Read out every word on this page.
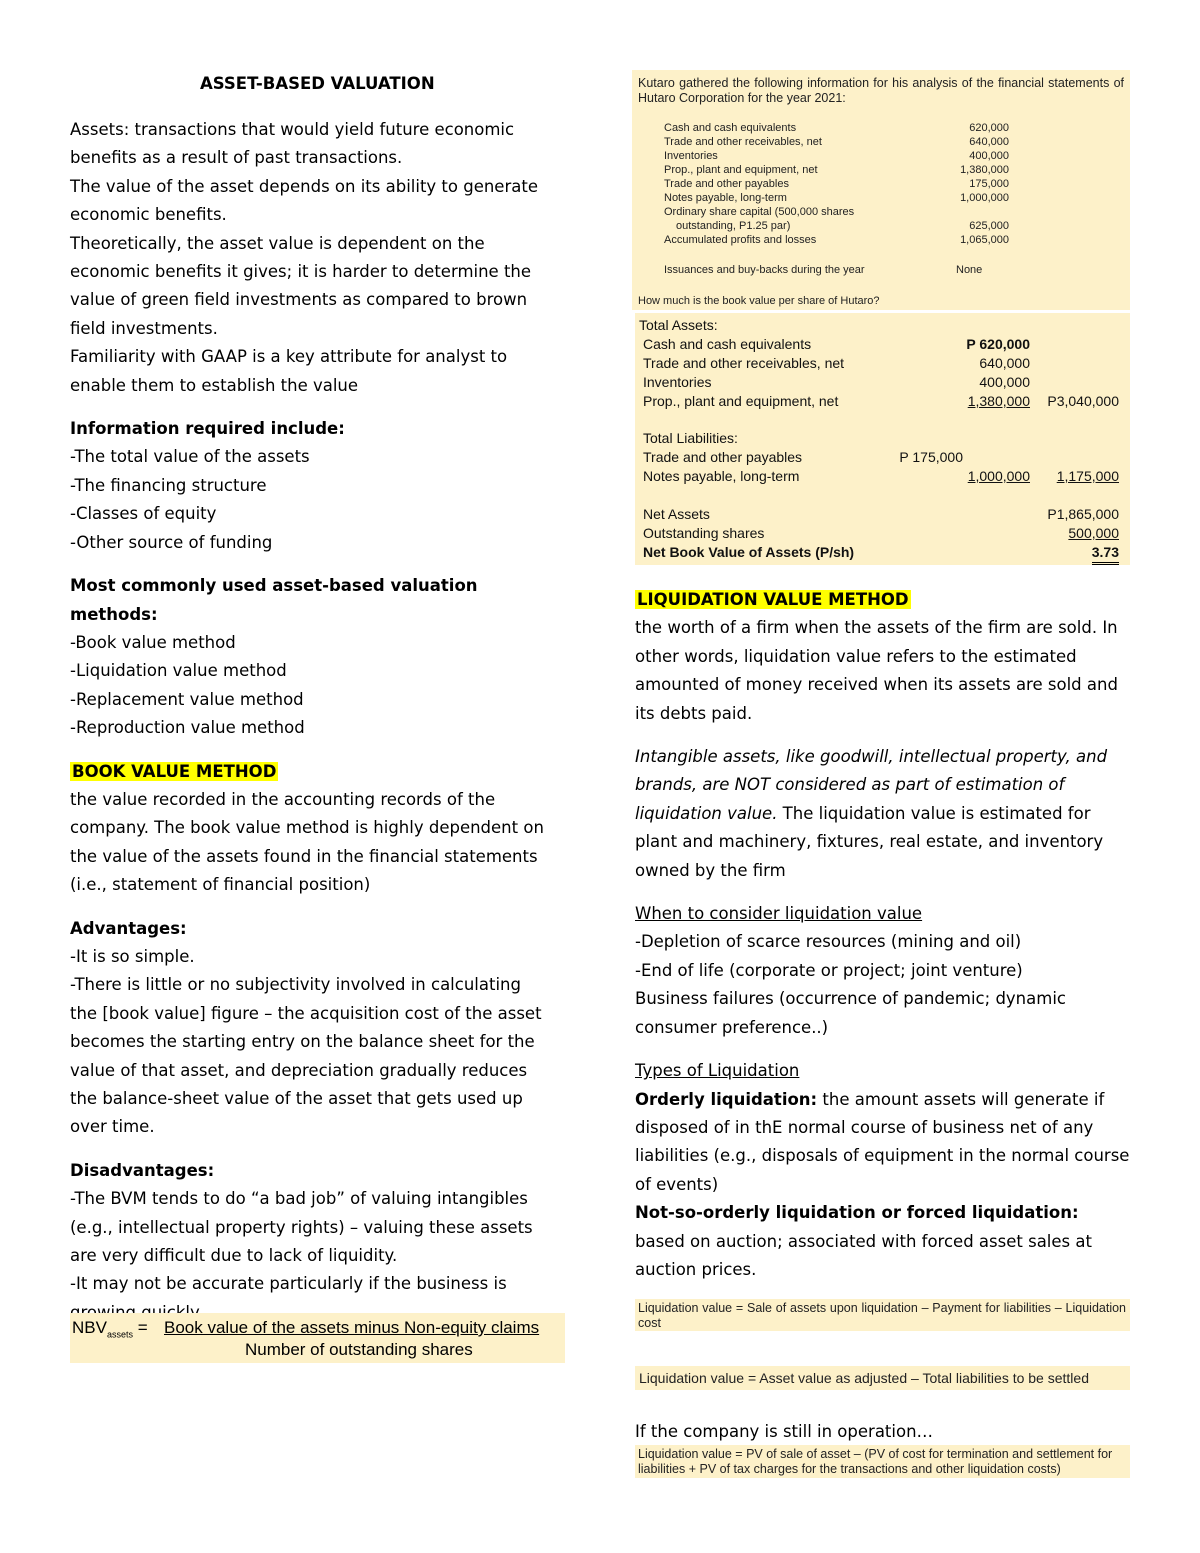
ASSET-BASED VALUATION

Assets: transactions that would yield future economic benefits as a result of past transactions.

The value of the asset depends on its ability to generate economic benefits.

Theoretically, the asset value is dependent on the economic benefits it gives; it is harder to determine the value of green field investments as compared to brown field investments.

Familiarity with GAAP is a key attribute for analyst to enable them to establish the value

Information required include:

-The total value of the assets

-The financing structure

-Classes of equity

-Other source of funding

Most commonly used asset-based valuation methods:

-Book value method

-Liquidation value method

-Replacement value method

-Reproduction value method

BOOK VALUE METHOD

the value recorded in the accounting records of the company. The book value method is highly dependent on the value of the assets found in the financial statements (i.e., statement of financial position)

Advantages:

-It is so simple.

-There is little or no subjectivity involved in calculating the [book value] figure – the acquisition cost of the asset becomes the starting entry on the balance sheet for the value of that asset, and depreciation gradually reduces the balance-sheet value of the asset that gets used up over time.

Disadvantages:

-The BVM tends to do “a bad job” of valuing intangibles (e.g., intellectual property rights) – valuing these assets are very difficult due to lack of liquidity.

-It may not be accurate particularly if the business is

$NBV_{assets}$ = Book value of the assets minus Non-equity claims
Number of outstanding shares
Kutaro gathered the following information for his analysis of the financial statements of Hutaro Corporation for the year 2021:
Cash and cash equivalents	620,000
Trade and other receivables, net	640,000
Inventories	400,000
Prop., plant and equipment, net	1,380,000
Trade and other payables	175,000
Notes payable, long-term	1,000,000
Ordinary share capital (500,000 shares	
outstanding, P1.25 par)	625,000
Accumulated profits and losses	1,065,000
Issuances and buy-backs during the year	None
How much is the book value per share of Hutaro?
Total Assets:
Cash and cash equivalents	P 620,000
Trade and other receivables, net	640,000
Inventories	400,000
Prop., plant and equipment, net	1,380,000 P3,040,000
Total Liabilities:
Trade and other payables	P 175,000
Notes payable, long-term	1,000,000 1,175,000
Net Assets	P1,865,000
Outstanding shares	500,000
Net Book Value of Assets (P/sh)	3.73

LIQUIDATION VALUE METHOD

the worth of a firm when the assets of the firm are sold. In other words, liquidation value refers to the estimated amounted of money received when its assets are sold and its debts paid.

Intangible assets, like goodwill, intellectual property, and brands, are NOT considered as part of estimation of liquidation value. The liquidation value is estimated for plant and machinery, fixtures, real estate, and inventory owned by the firm

When to consider liquidation value

-Depletion of scarce resources (mining and oil)

-End of life (corporate or project; joint venture)

Business failures (occurrence of pandemic; dynamic consumer preference..)

Types of Liquidation

Orderly liquidation: the amount assets will generate if disposed of in thE normal course of business net of any liabilities (e.g., disposals of equipment in the normal course of events)

Not-so-orderly liquidation or forced liquidation: based on auction; associated with forced asset sales at auction prices.

Liquidation value = Sale of assets upon liquidation – Payment for liabilities – Liquidation cost
Liquidation value = Asset value as adjusted – Total liabilities to be settled
If the company is still in operation…
Liquidation value = PV of sale of asset – (PV of cost for termination and settlement for liabilities + PV of tax charges for the transactions and other liquidation costs)
